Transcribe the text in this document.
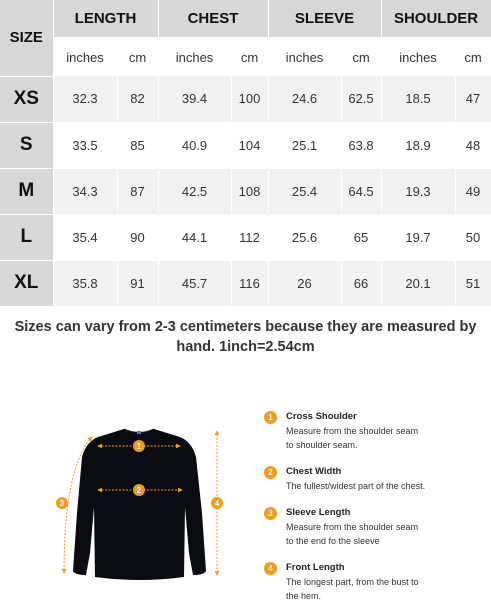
SIZE	LENGTH		CHEST		SLEEVE		SHOULDER	
	inches	cm	inches	cm	inches	cm	inches	cm
XS	32.3	82	39.4	100	24.6	62.5	18.5	47
S	33.5	85	40.9	104	25.1	63.8	18.9	48
M	34.3	87	42.5	108	25.4	64.5	19.3	49
L	35.4	90	44.1	112	25.6	65	19.7	50
XL	35.8	91	45.7	116	26	66	20.1	51
Sizes can vary from 2-3 centimeters because they are measured by
hand. 1inch=2.54cm
1
2
3	4
1	Cross Shoulder
Measure from the shoulder seam
to shoulder seam.
2	Chest Width
The fullest/widest part of the chest.
3	Sleeve Length
Measure from the shoulder seam
to the end fo the sleeve
4	Front Length
The longest part, from the bust to
the hem.
